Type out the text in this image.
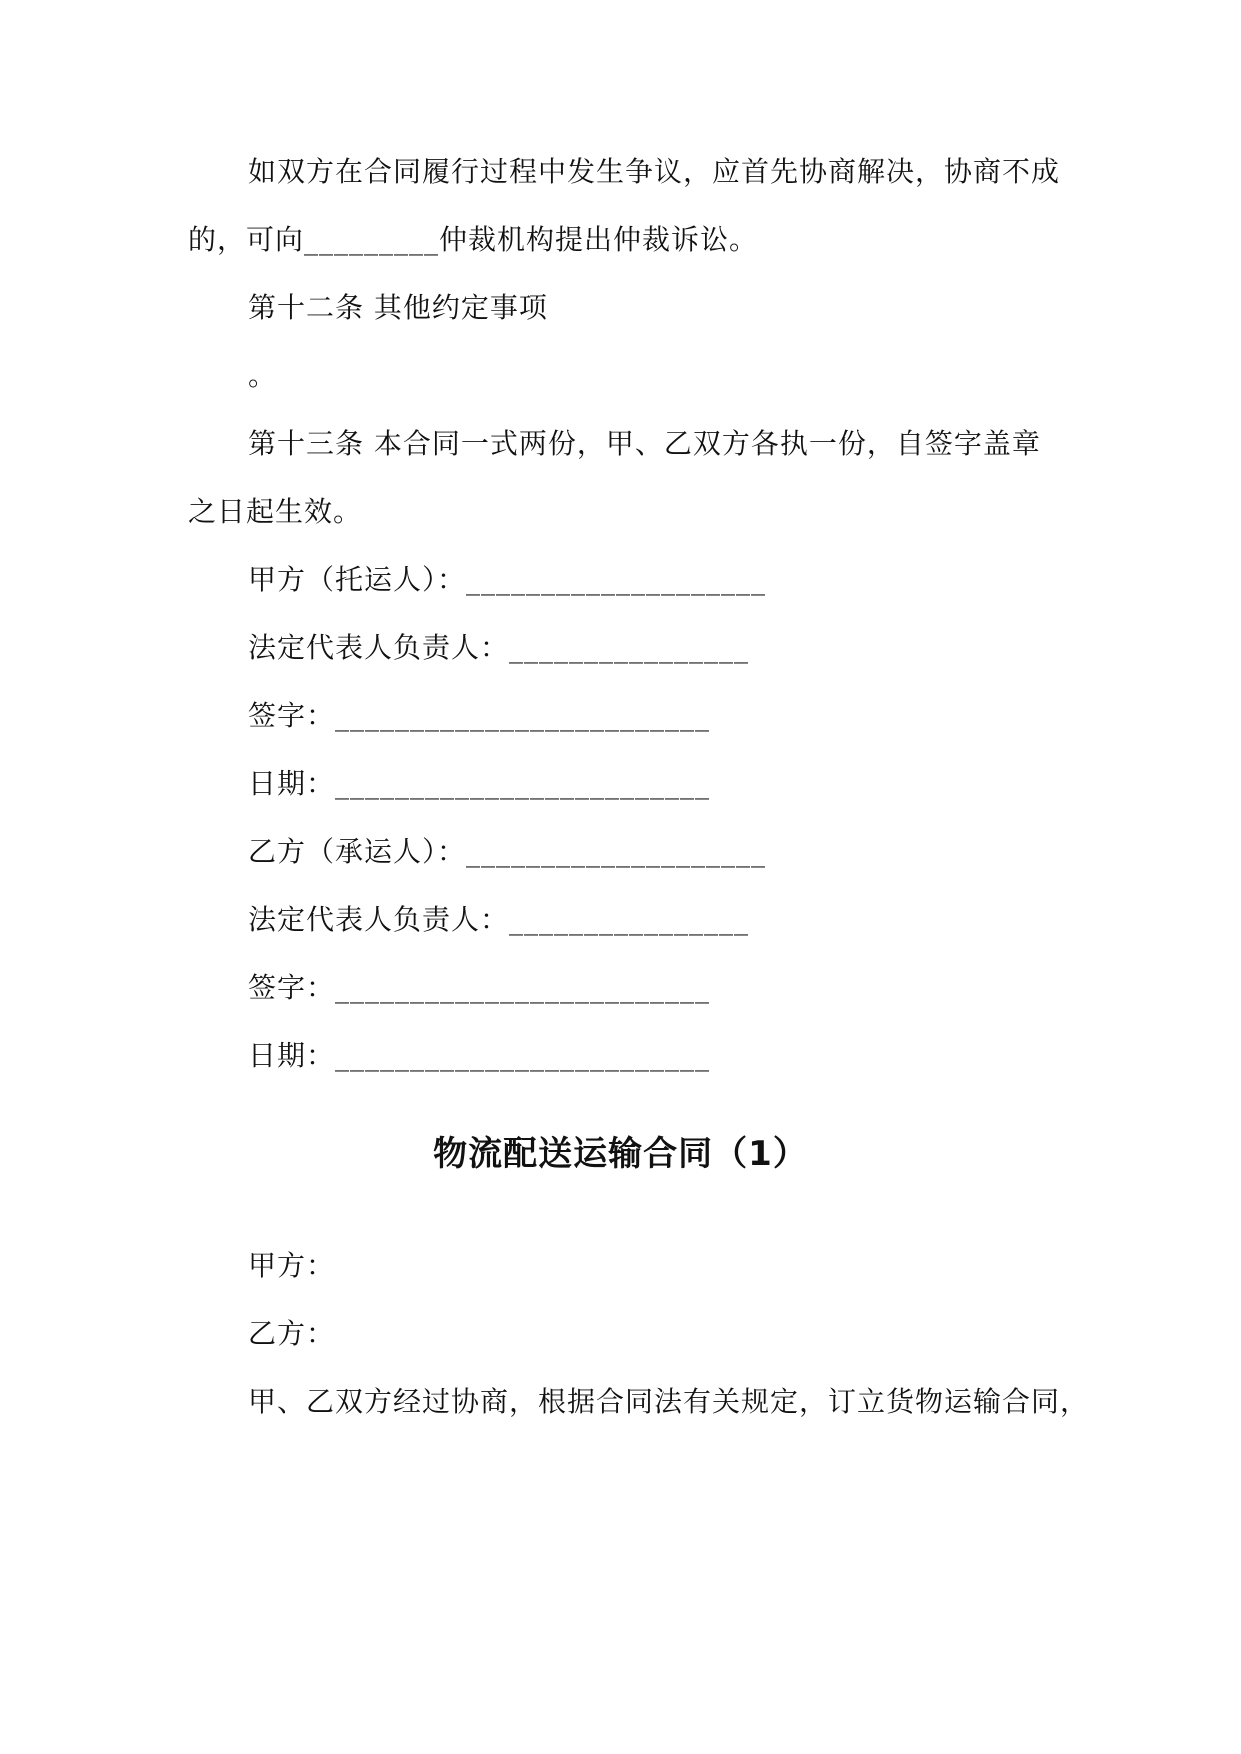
如双方在合同履行过程中发生争议，应首先协商解决，协商不成
的，可向_________仲裁机构提出仲裁诉讼。
第十二条 其他约定事项
。
第十三条 本合同一式两份，甲、乙双方各执一份，自签字盖章
之日起生效。
甲方（托运人）：____________________
法定代表人负责人：________________
签字：_________________________
日期：_________________________
乙方（承运人）：____________________
法定代表人负责人：________________
签字：_________________________
日期：_________________________
物流配送运输合同（1）
甲方：
乙方：
甲、乙双方经过协商，根据合同法有关规定，订立货物运输合同，
